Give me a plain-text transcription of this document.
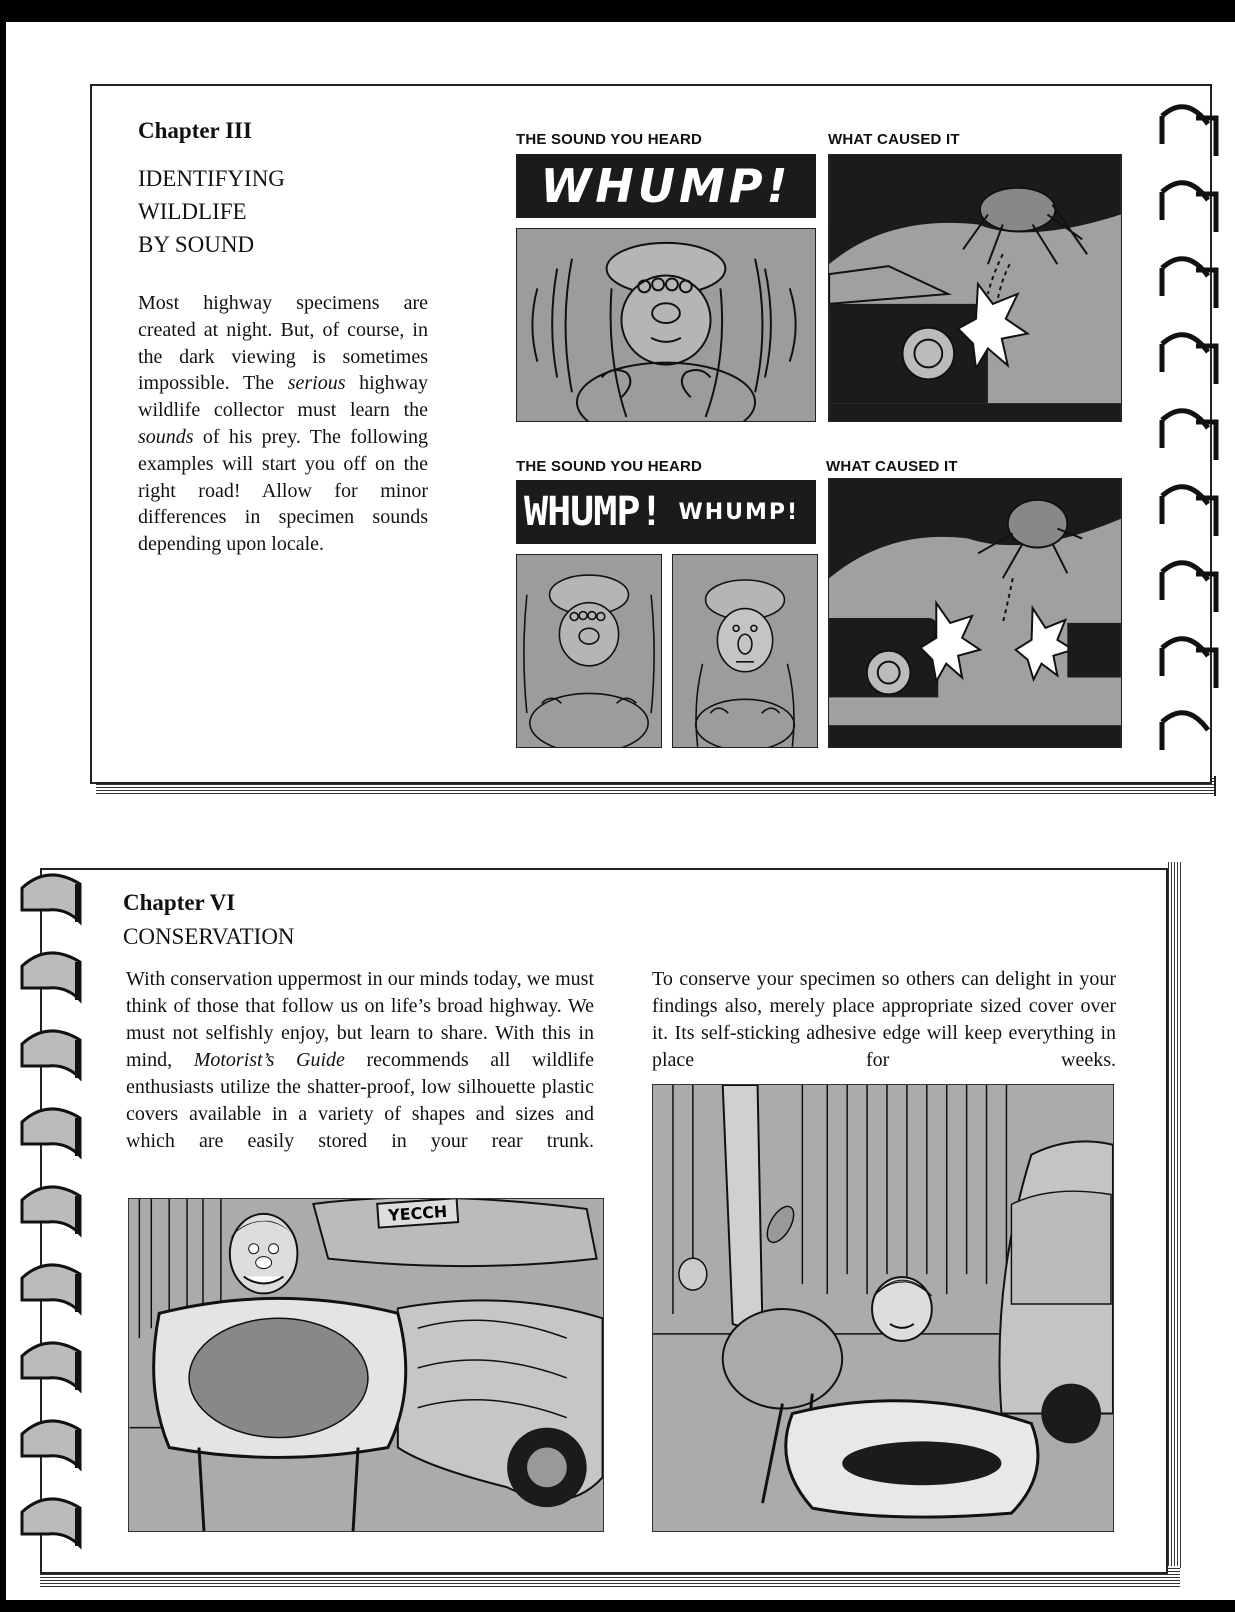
Chapter III
IDENTIFYING
WILDLIFE
BY SOUND
Most highway specimens are created at night. But, of course, in the dark viewing is sometimes impossible. The serious highway wildlife collector must learn the sounds of his prey. The following examples will start you off on the right road! Allow for minor differences in specimen sounds depending upon locale.
THE SOUND YOU HEARD	WHAT CAUSED IT
WHUMP!
THE SOUND YOU HEARD	WHAT CAUSED IT
WHUMP! WHUMP!
Chapter VI
CONSERVATION
With conservation uppermost in our minds today, we must think of those that follow us on life’s broad highway. We must not selfishly enjoy, but learn to share. With this in mind, Motorist’s Guide recommends all wildlife enthusiasts utilize the shatter-proof, low silhouette plastic covers available in a variety of shapes and sizes and which are easily stored in your rear trunk.
To conserve your specimen so others can delight in your findings also, merely place appropriate sized cover over it. Its self-sticking adhesive edge will keep everything in place for weeks.
YECCH
